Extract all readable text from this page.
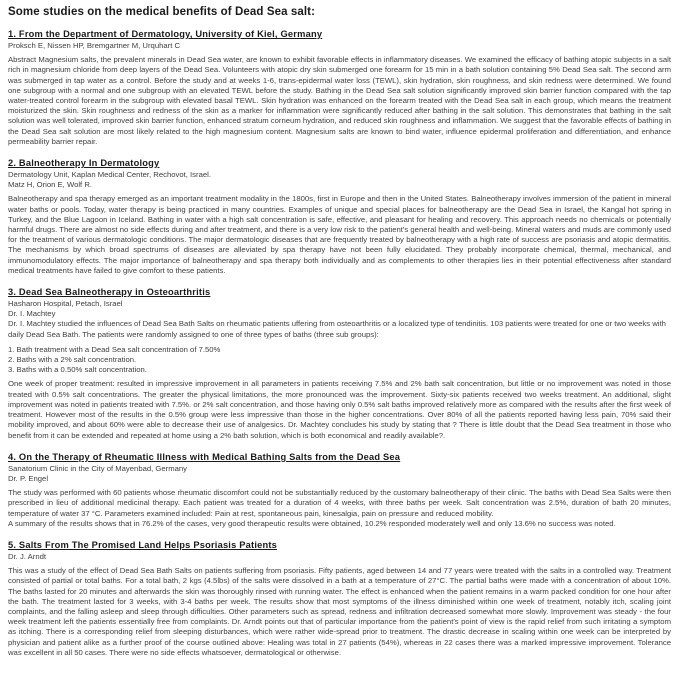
Some studies on the medical benefits of Dead Sea salt:
1. From the Department of Dermatology, University of Kiel, Germany

Proksch E, Nissen HP, Bremgartner M, Urquhart C

Abstract Magnesium salts, the prevalent minerals in Dead Sea water, are known to exhibit favorable effects in inflammatory diseases. We examined the efficacy of bathing atopic subjects in a salt rich in magnesium chloride from deep layers of the Dead Sea. Volunteers with atopic dry skin submerged one forearm for 15 min in a bath solution containing 5% Dead Sea salt. The second arm was submerged in tap water as a control. Before the study and at weeks 1-6, trans-epidermal water loss (TEWL), skin hydration, skin roughness, and skin redness were determined. We found one subgroup with a normal and one subgroup with an elevated TEWL before the study. Bathing in the Dead Sea salt solution significantly improved skin barrier function compared with the tap water-treated control forearm in the subgroup with elevated basal TEWL. Skin hydration was enhanced on the forearm treated with the Dead Sea salt in each group, which means the treatment moisturized the skin. Skin roughness and redness of the skin as a marker for inflammation were significantly reduced after bathing in the salt solution. This demonstrates that bathing in the salt solution was well tolerated, improved skin barrier function, enhanced stratum corneum hydration, and reduced skin roughness and inflammation. We suggest that the favorable effects of bathing in the Dead Sea salt solution are most likely related to the high magnesium content. Magnesium salts are known to bind water, influence epidermal proliferation and differentiation, and enhance permeability barrier repair.

2. Balneotherapy In Dermatology

Dermatology Unit, Kaplan Medical Center, Rechovot, Israel.

Matz H, Orion E, Wolf R.

Balneotherapy and spa therapy emerged as an important treatment modality in the 1800s, first in Europe and then in the United States. Balneotherapy involves immersion of the patient in mineral water baths or pools. Today, water therapy is being practiced in many countries. Examples of unique and special places for balneotherapy are the Dead Sea in Israel, the Kangal hot spring in Turkey, and the Blue Lagoon in Iceland. Bathing in water with a high salt concentration is safe, effective, and pleasant for healing and recovery. This approach needs no chemicals or potentially harmful drugs. There are almost no side effects during and after treatment, and there is a very low risk to the patient's general health and well-being. Mineral waters and muds are commonly used for the treatment of various dermatologic conditions. The major dermatologic diseases that are frequently treated by balneotherapy with a high rate of success are psoriasis and atopic dermatitis. The mechanisms by which broad spectrums of diseases are alleviated by spa therapy have not been fully elucidated. They probably incorporate chemical, thermal, mechanical, and immunomodulatory effects. The major importance of balneotherapy and spa therapy both individually and as complements to other therapies lies in their potential effectiveness after standard medical treatments have failed to give comfort to these patients.

3. Dead Sea Balneotherapy in Osteoarthritis

Hasharon Hospital, Petach, Israel

Dr. I. Machtey

Dr. I. Machtey studied the influences of Dead Sea Bath Salts on rheumatic patients uffering from osteoarthritis or a localized type of tendinitis. 103 patients were treated for one or two weeks with daily Dead Sea Bath. The patients were randomly assigned to one of three types of baths (three sub groups):

1. Bath treatment with a Dead Sea salt concentration of 7.50%

2. Baths with a 2% salt concentration.

3. Baths with a 0.50% salt concentration.

One week of proper treatment: resulted in impressive improvement in all parameters in patients receiving 7.5% and 2% bath salt concentration, but little or no improvement was noted in those treated with 0.5% salt concentrations. The greater the physical limitations, the more pronounced was the improvement. Sixty-six patients received two weeks treatment. An additional, slight improvement was noted in patients treated with 7.5%. or 2% salt concentration, and those having only 0.5% salt baths improved relatively more as compared with the results after the first week of treatment. However most of the results in the 0.5% group were less impressive than those in the higher concentrations. Over 80% of all the patients reported having less pain, 70% said their mobility improved, and about 60% were able to decrease their use of analgesics. Dr. Machtey concludes his study by stating that ? There is little doubt that the Dead Sea treatment in those who benefit from it can be extended and repeated at home using a 2% bath solution, which is both economical and readily available?.

4. On the Therapy of Rheumatic Illness with Medical Bathing Salts from the Dead Sea

Sanatorium Clinic in the City of Mayenbad, Germany

Dr. P. Engel

The study was performed with 60 patients whose rheumatic discomfort could not be substantially reduced by the customary balneotherapy of their clinic. The baths with Dead Sea Salts were then prescribed in lieu of additional medicinal therapy. Each patient was treated for a duration of 4 weeks, with three baths per week. Salt concentration was 2.5%, duration of bath 20 minutes, temperature of water 37 °C. Parameters examined included: Pain at rest, spontaneous pain, kinesalgia, pain on pressure and reduced mobility.

A summary of the results shows that in 76.2% of the cases, very good therapeutic results were obtained, 10.2% responded moderately well and only 13.6% no success was noted.

5. Salts From The Promised Land Helps Psoriasis Patients

Dr. J. Arndt

This was a study of the effect of Dead Sea Bath Salts on patients suffering from psoriasis. Fifty patients, aged between 14 and 77 years were treated with the salts in a controlled way. Treatment consisted of partial or total baths. For a total bath, 2 kgs (4.5lbs) of the salts were dissolved in a bath at a temperature of 27°C. The partial baths were made with a concentration of about 10%. The baths lasted for 20 minutes and afterwards the skin was thoroughly rinsed with running water. The effect is enhanced when the patient remains in a warm packed condition for one hour after the bath. The treatment lasted for 3 weeks, with 3-4 baths per week. The results show that most symptoms of the illness diminished within one week of treatment, notably itch, scaling joint complaints, and the falling asleep and sleep through difficulties. Other parameters such as spread, redness and infiltration decreased somewhat more slowly. Improvement was steady - the four week treatment left the patients essentially free from complaints. Dr. Arndt points out that of particular importance from the patient's point of view is the rapid relief from such irritating a symptom as itching. There is a corresponding relief from sleeping disturbances, which were rather wide-spread prior to treatment. The drastic decrease in scaling within one week can be interpreted by physician and patient alike as a further proof of the course outlined above: Healing was total in 27 patients (54%), whereas in 22 cases there was a marked impressive improvement. Tolerance was excellent in all 50 cases. There were no side effects whatsoever, dermatological or otherwise.
